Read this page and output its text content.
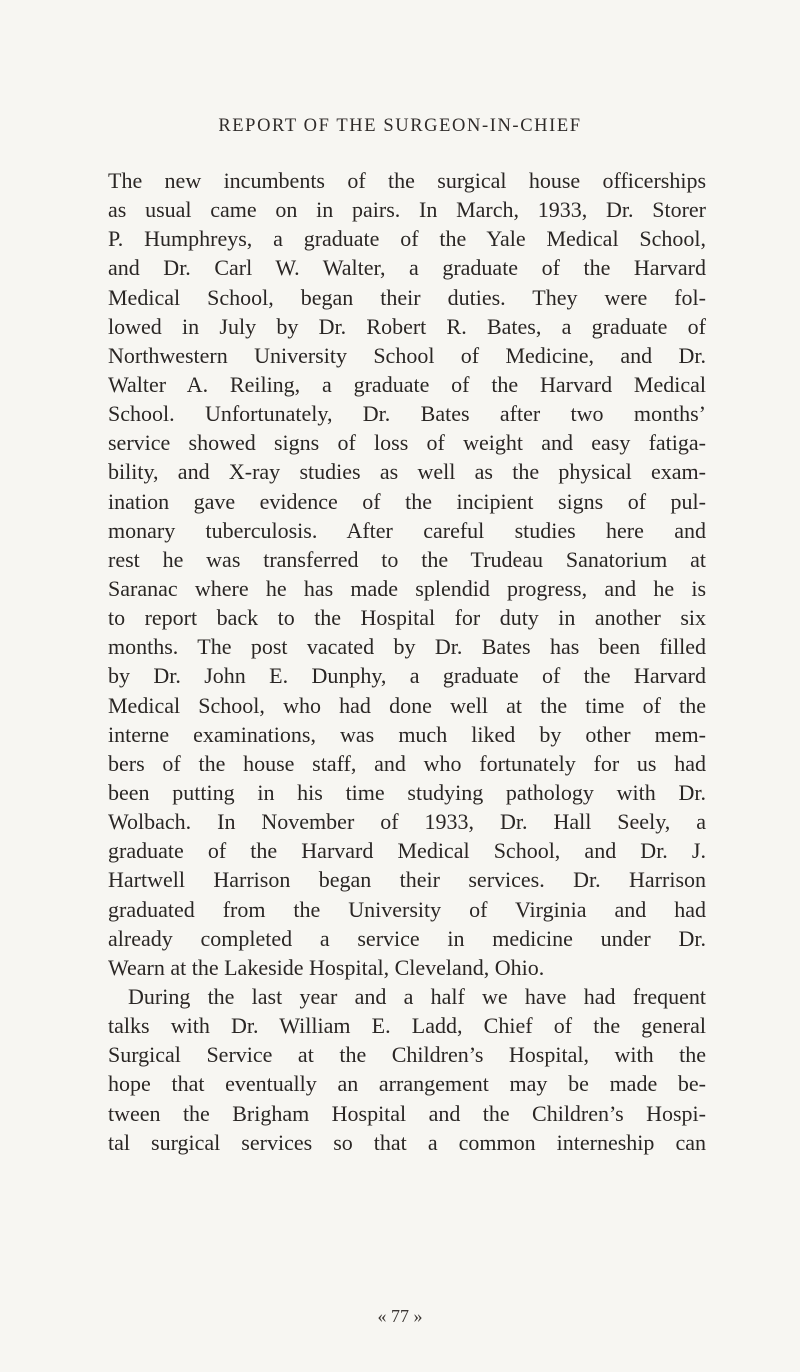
REPORT OF THE SURGEON-IN-CHIEF
The new incumbents of the surgical house officerships
as usual came on in pairs. In March, 1933, Dr. Storer
P. Humphreys, a graduate of the Yale Medical School,
and Dr. Carl W. Walter, a graduate of the Harvard
Medical School, began their duties. They were fol-
lowed in July by Dr. Robert R. Bates, a graduate of
Northwestern University School of Medicine, and Dr.
Walter A. Reiling, a graduate of the Harvard Medical
School. Unfortunately, Dr. Bates after two months’
service showed signs of loss of weight and easy fatiga-
bility, and X-ray studies as well as the physical exam-
ination gave evidence of the incipient signs of pul-
monary tuberculosis. After careful studies here and
rest he was transferred to the Trudeau Sanatorium at
Saranac where he has made splendid progress, and he is
to report back to the Hospital for duty in another six
months. The post vacated by Dr. Bates has been filled
by Dr. John E. Dunphy, a graduate of the Harvard
Medical School, who had done well at the time of the
interne examinations, was much liked by other mem-
bers of the house staff, and who fortunately for us had
been putting in his time studying pathology with Dr.
Wolbach. In November of 1933, Dr. Hall Seely, a
graduate of the Harvard Medical School, and Dr. J.
Hartwell Harrison began their services. Dr. Harrison
graduated from the University of Virginia and had
already completed a service in medicine under Dr.
Wearn at the Lakeside Hospital, Cleveland, Ohio.
During the last year and a half we have had frequent
talks with Dr. William E. Ladd, Chief of the general
Surgical Service at the Children’s Hospital, with the
hope that eventually an arrangement may be made be-
tween the Brigham Hospital and the Children’s Hospi-
tal surgical services so that a common interneship can
« 77 »
